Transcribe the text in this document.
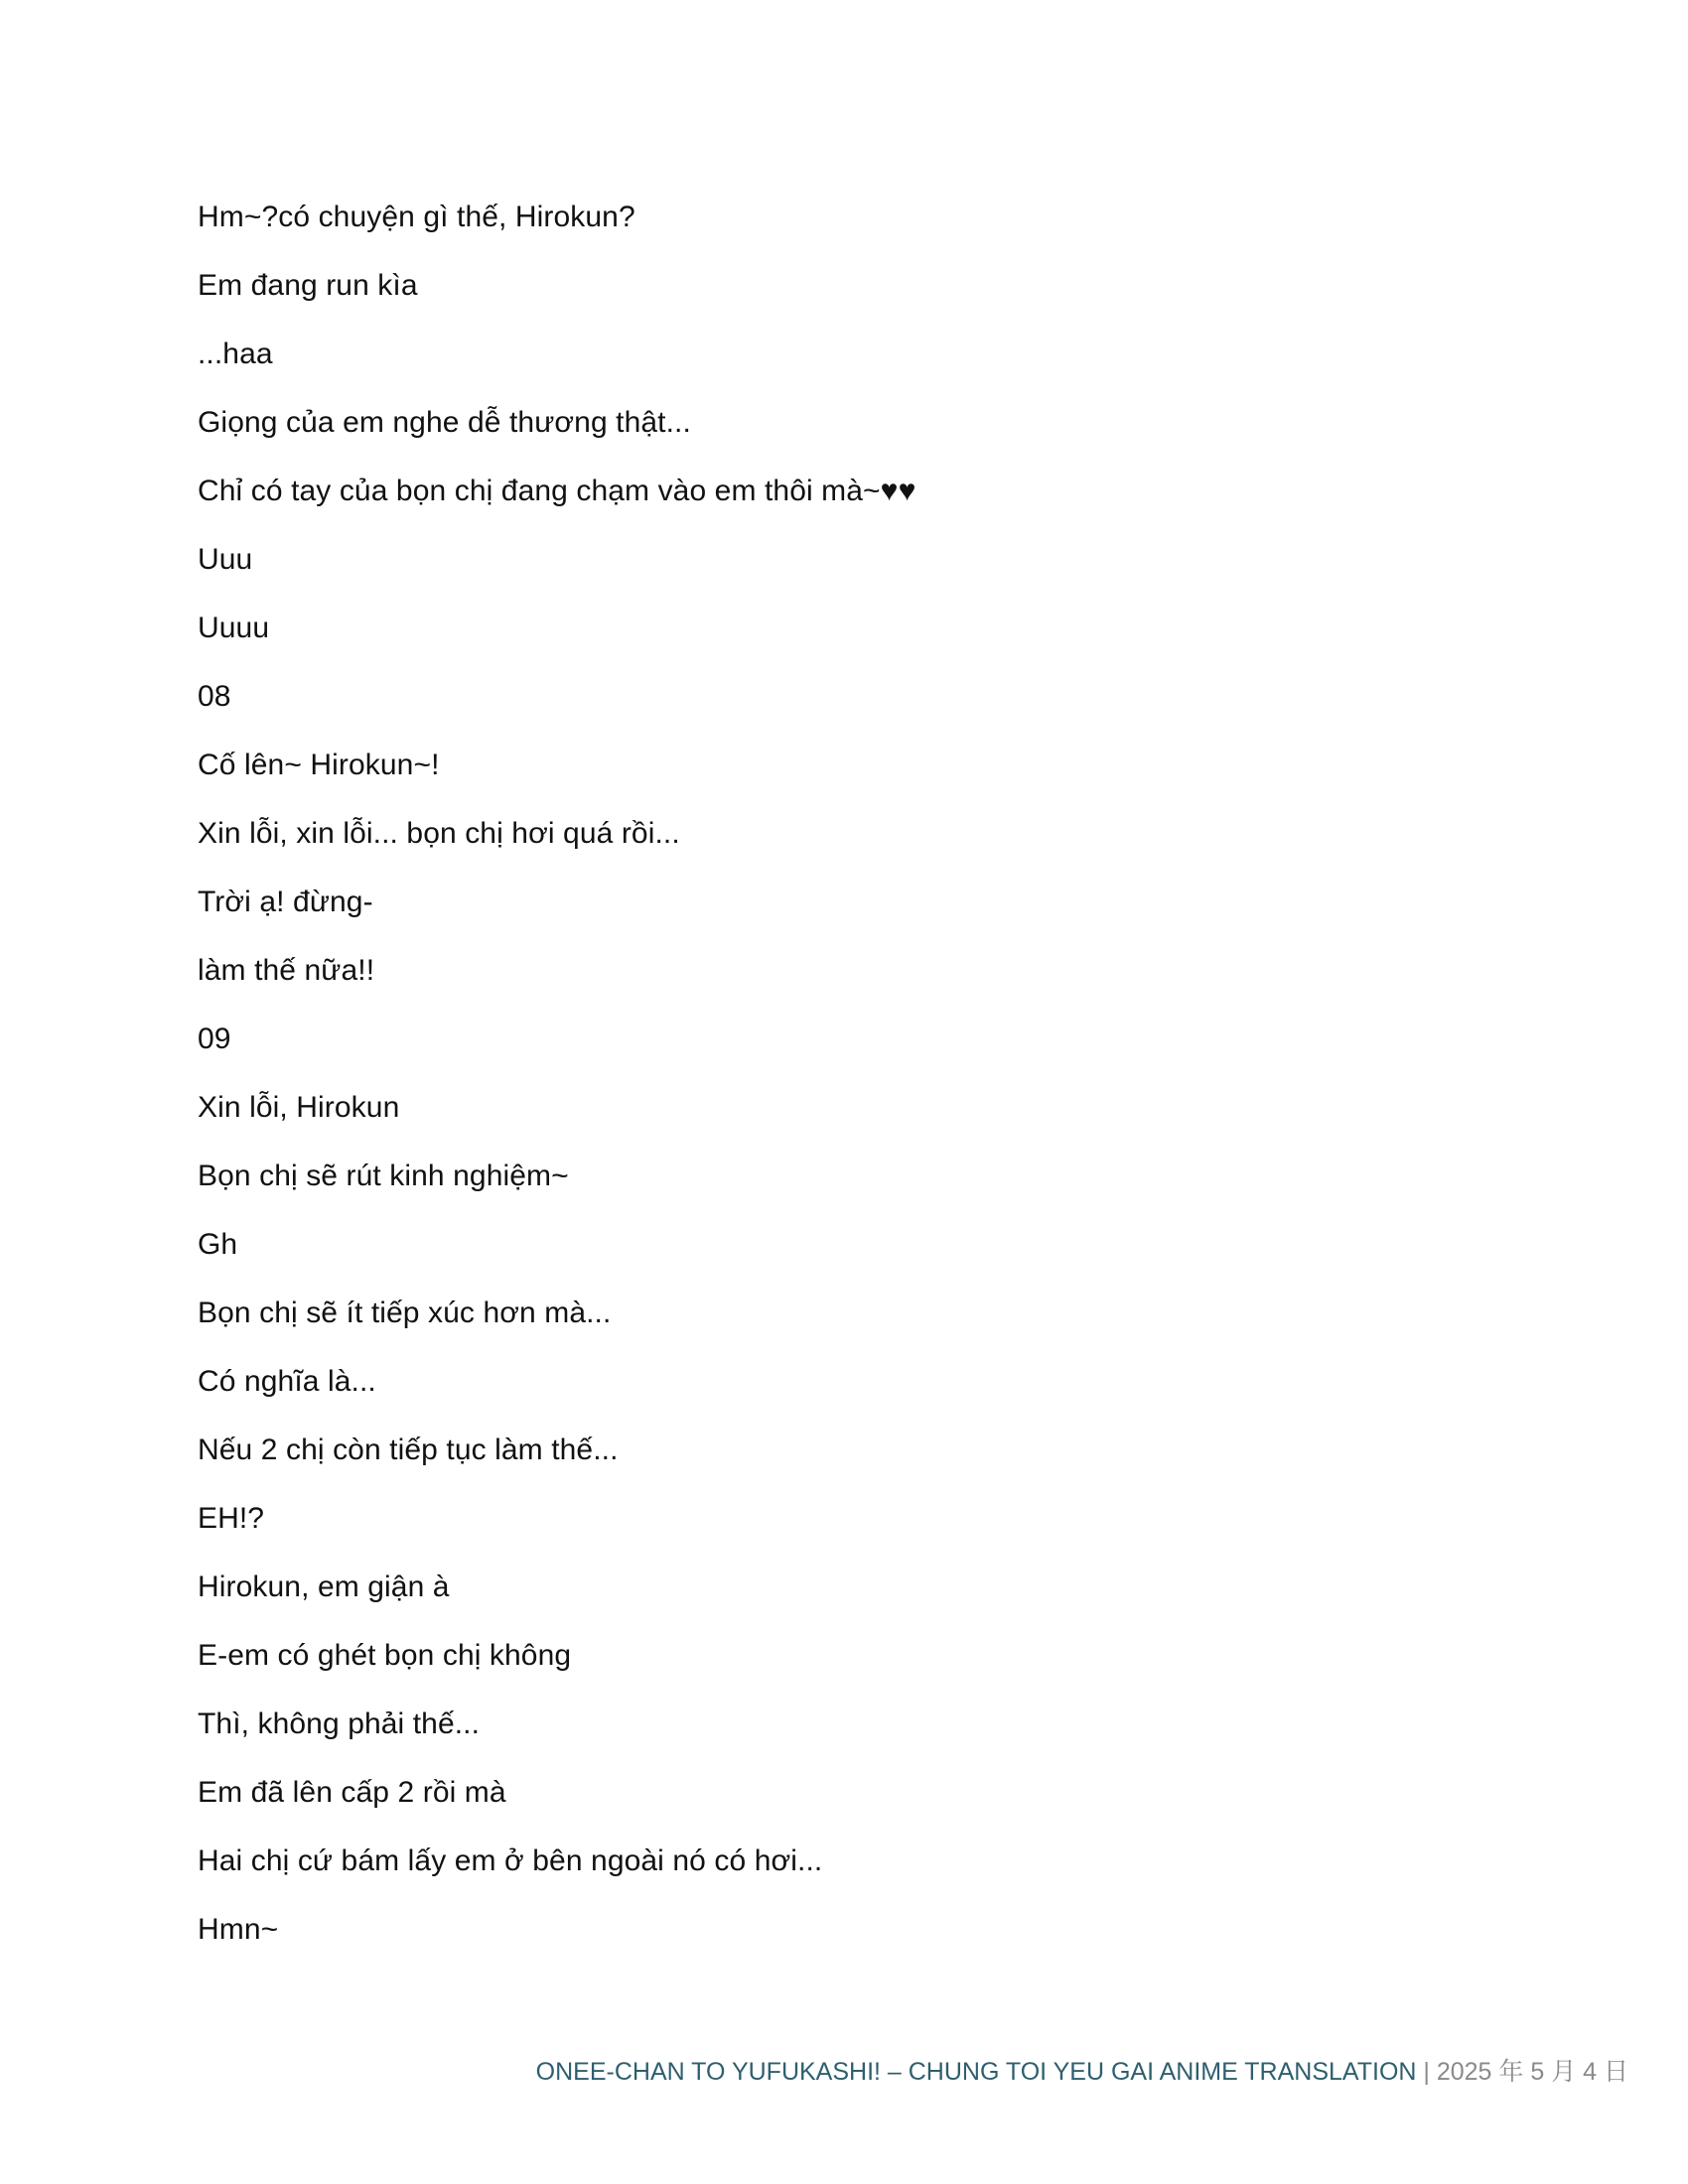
Hm~?có chuyện gì thế, Hirokun?
Em đang run kìa
...haa
Giọng của em nghe dễ thương thật...
Chỉ có tay của bọn chị đang chạm vào em thôi mà~♥♥
Uuu
Uuuu
08
Cố lên~ Hirokun~!
Xin lỗi, xin lỗi... bọn chị hơi quá rồi...
Trời ạ! đừng-
làm thế nữa!!
09
Xin lỗi, Hirokun
Bọn chị sẽ rút kinh nghiệm~
Gh
Bọn chị sẽ ít tiếp xúc hơn mà...
Có nghĩa là...
Nếu 2 chị còn tiếp tục làm thế...
EH!?
Hirokun, em giận à
E-em có ghét bọn chị không
Thì, không phải thế...
Em đã lên cấp 2 rồi mà
Hai chị cứ bám lấy em ở bên ngoài nó có hơi...
Hmn~
ONEE-CHAN TO YUFUKASHI! – CHUNG TOI YEU GAI ANIME TRANSLATION | 2025 年 5 月 4 日
